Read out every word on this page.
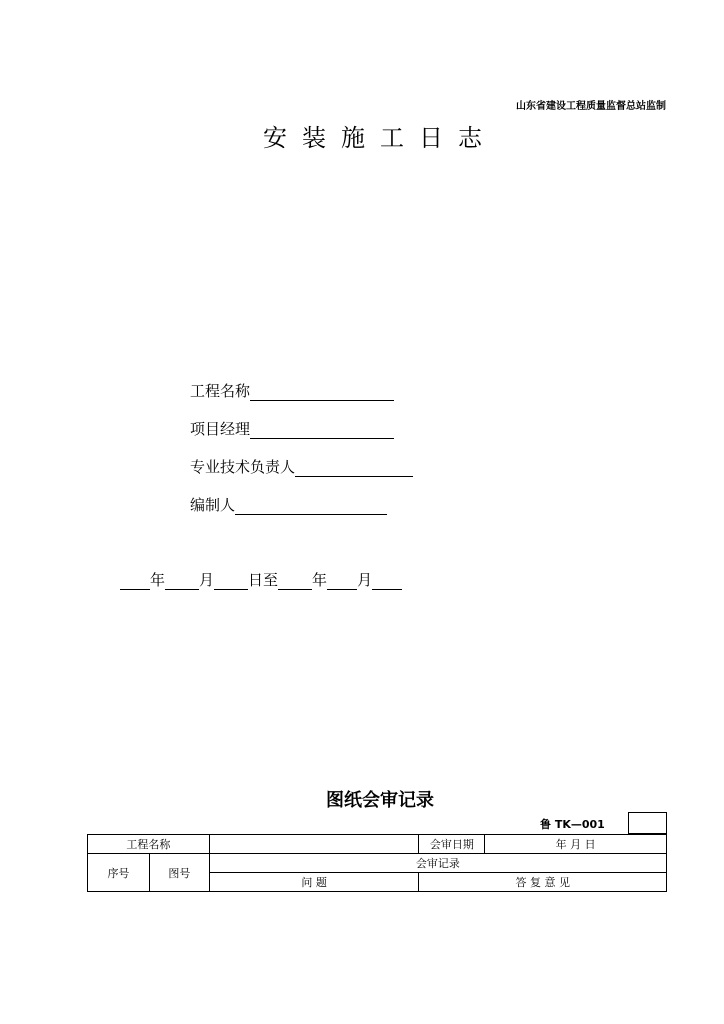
山东省建设工程质量监督总站监制
安装施工日志
工程名称
项目经理
专业技术负责人
编制人
年 月 日至 年 月
图纸会审记录
鲁 TK—001
工程名称			会审日期	年 月 日
序号	图号	会审记录		
		问 题	答 复 意 见	
